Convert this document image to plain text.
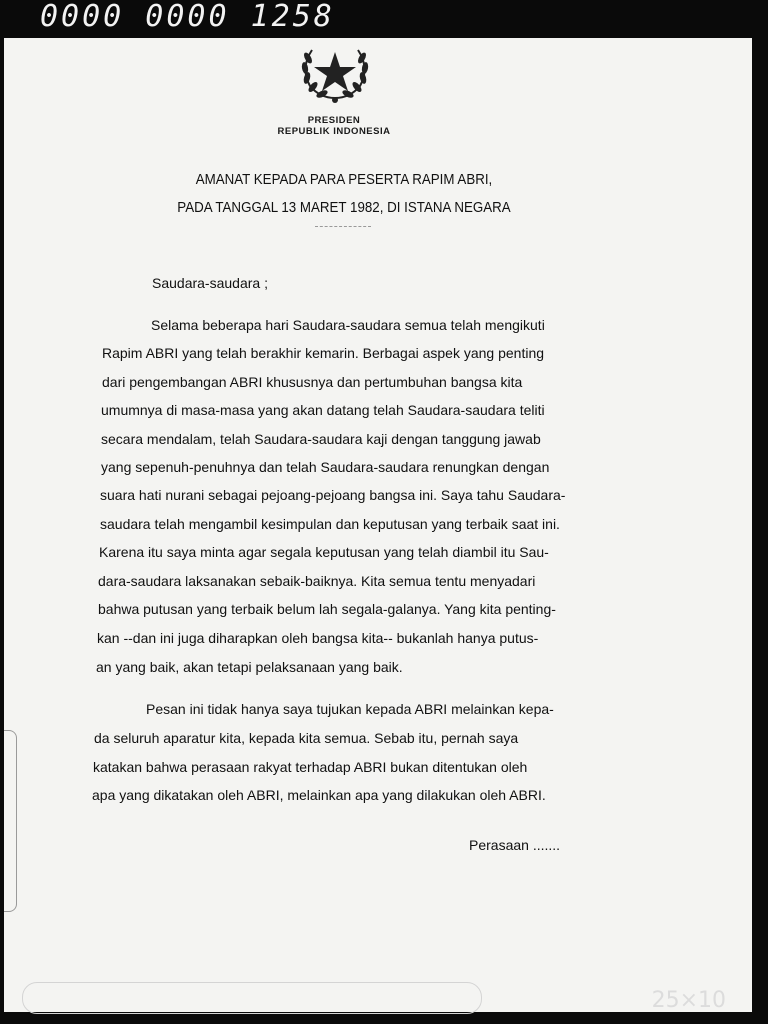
0000 0000 1258
PRESIDEN
REPUBLIK INDONESIA
AMANAT KEPADA PARA PESERTA RAPIM ABRI,
PADA TANGGAL 13 MARET 1982, DI ISTANA NEGARA
Saudara-saudara ;
Selama beberapa hari Saudara-saudara semua telah mengikuti
Rapim ABRI yang telah berakhir kemarin. Berbagai aspek yang penting
dari pengembangan ABRI khususnya dan pertumbuhan bangsa kita
umumnya di masa-masa yang akan datang telah Saudara-saudara teliti
secara mendalam, telah Saudara-saudara kaji dengan tanggung jawab
yang sepenuh-penuhnya dan telah Saudara-saudara renungkan dengan
suara hati nurani sebagai pejoang-pejoang bangsa ini. Saya tahu Saudara-
saudara telah mengambil kesimpulan dan keputusan yang terbaik saat ini.
Karena itu saya minta agar segala keputusan yang telah diambil itu Sau-
dara-saudara laksanakan sebaik-baiknya. Kita semua tentu menyadari
bahwa putusan yang terbaik belum lah segala-galanya. Yang kita penting-
kan --dan ini juga diharapkan oleh bangsa kita-- bukanlah hanya putus-
an yang baik, akan tetapi pelaksanaan yang baik.
Pesan ini tidak hanya saya tujukan kepada ABRI melainkan kepa-
da seluruh aparatur kita, kepada kita semua. Sebab itu, pernah saya
katakan bahwa perasaan rakyat terhadap ABRI bukan ditentukan oleh
apa yang dikatakan oleh ABRI, melainkan apa yang dilakukan oleh ABRI.
Perasaan .......
25×10
